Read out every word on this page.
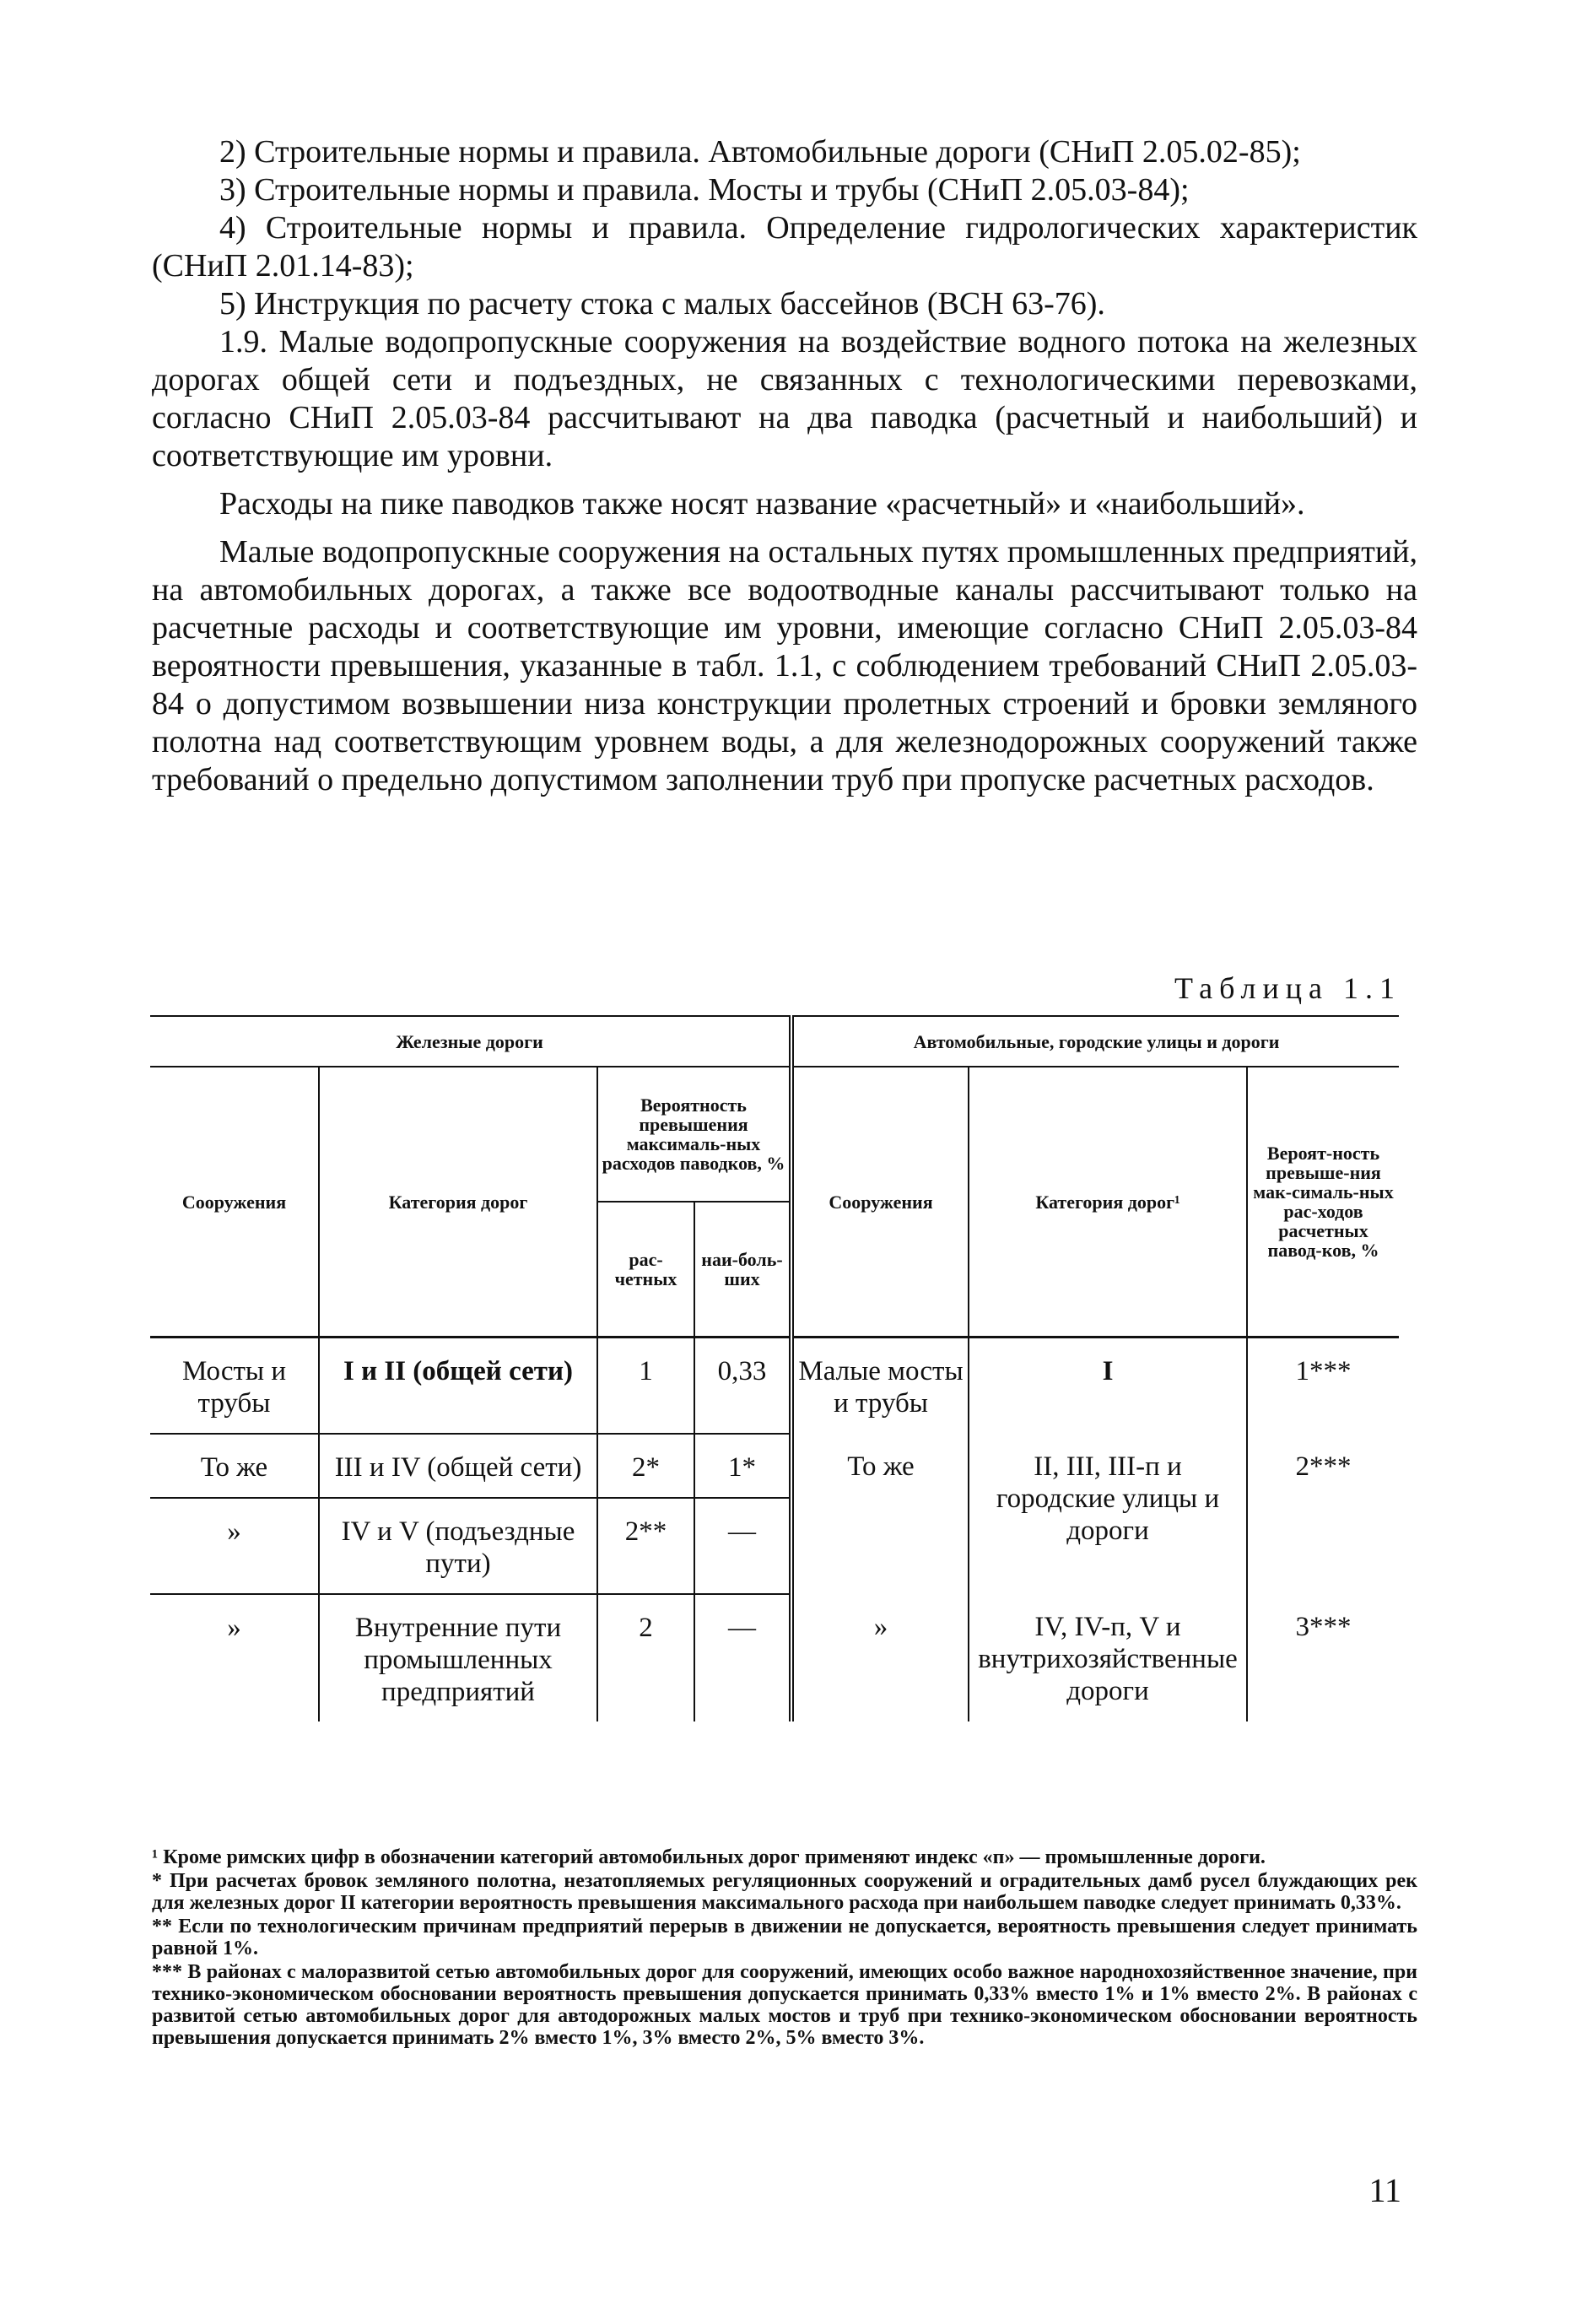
2) Строительные нормы и правила. Автомобильные дороги (СНиП 2.05.02-85);

3) Строительные нормы и правила. Мосты и трубы (СНиП 2.05.03-84);

4) Строительные нормы и правила. Определение гидрологических характеристик (СНиП 2.01.14-83);

5) Инструкция по расчету стока с малых бассейнов (ВСН 63-76).

1.9. Малые водопропускные сооружения на воздействие водного потока на железных дорогах общей сети и подъездных, не связанных с технологическими перевозками, согласно СНиП 2.05.03-84 рассчитывают на два паводка (расчетный и наибольший) и соответствующие им уровни.

Расходы на пике паводков также носят название «расчетный» и «наибольший».

Малые водопропускные сооружения на остальных путях промышленных предприятий, на автомобильных дорогах, а также все водоотводные каналы рассчитывают только на расчетные расходы и соответствующие им уровни, имеющие согласно СНиП 2.05.03-84 вероятности превышения, указанные в табл. 1.1, с соблюдением требований СНиП 2.05.03-84 о допустимом возвышении низа конструкции пролетных строений и бровки земляного полотна над соответствующим уровнем воды, а для железнодорожных сооружений также требований о предельно допустимом заполнении труб при пропуске расчетных расходов.

Таблица 1.1
Железные дороги				Автомобильные, городские улицы и дороги		
Сооружения	Категория дорог	Вероятность превышения максималь-ных расходов паводков, %		Сооружения	Категория дорог¹	Вероят-ность превыше-ния мак-сималь-ных рас-ходов расчетных павод-ков, %
		рас-четных	наи-боль-ших			
Мосты и трубы	I и II (общей сети)	1	0,33	Малые мосты и трубы	I	1***
То же	III и IV (общей сети)	2*	1*	То же	II, III, III-п и городские улицы и дороги	2***
»	IV и V (подъездные пути)	2**	—			
»	Внутренние пути промышленных предприятий	2	—	»	IV, IV-п, V и внутрихозяйственные дороги	3***

¹ Кроме римских цифр в обозначении категорий автомобильных дорог применяют индекс «п» — промышленные дороги.

* При расчетах бровок земляного полотна, незатопляемых регуляционных сооружений и оградительных дамб русел блуждающих рек для железных дорог II категории вероятность превышения максимального расхода при наибольшем паводке следует принимать 0,33%.

** Если по технологическим причинам предприятий перерыв в движении не допускается, вероятность превышения следует принимать равной 1%.

*** В районах с малоразвитой сетью автомобильных дорог для сооружений, имеющих особо важное народнохозяйственное значение, при технико-экономическом обосновании вероятность превышения допускается принимать 0,33% вместо 1% и 1% вместо 2%. В районах с развитой сетью автомобильных дорог для автодорожных малых мостов и труб при технико-экономическом обосновании вероятность превышения допускается принимать 2% вместо 1%, 3% вместо 2%, 5% вместо 3%.

11
